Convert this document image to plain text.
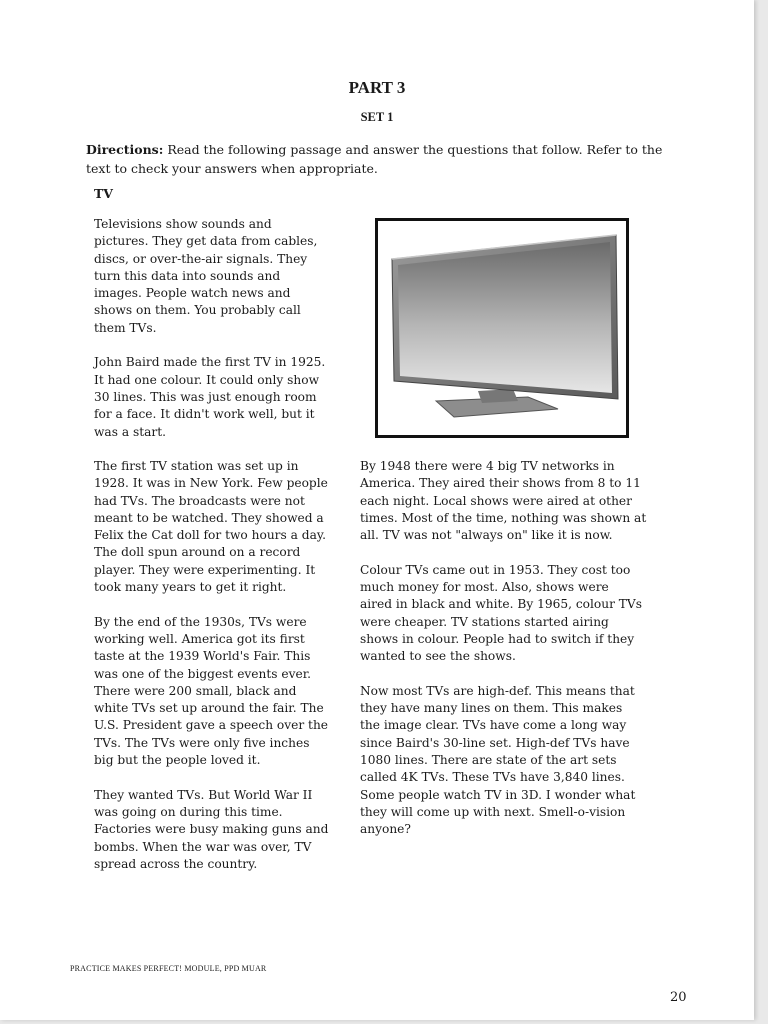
PART 3
SET 1
Directions: Read the following passage and answer the questions that follow. Refer to the text to check your answers when appropriate.
TV

Televisions show sounds and
pictures. They get data from cables,
discs, or over-the-air signals. They
turn this data into sounds and
images. People watch news and
shows on them. You probably call
them TVs.

John Baird made the first TV in 1925.
It had one colour. It could only show
30 lines. This was just enough room
for a face. It didn't work well, but it
was a start.

The first TV station was set up in
1928. It was in New York. Few people
had TVs. The broadcasts were not
meant to be watched. They showed a
Felix the Cat doll for two hours a day.
The doll spun around on a record
player. They were experimenting. It
took many years to get it right.

By the end of the 1930s, TVs were
working well. America got its first
taste at the 1939 World's Fair. This
was one of the biggest events ever.
There were 200 small, black and
white TVs set up around the fair. The
U.S. President gave a speech over the
TVs. The TVs were only five inches
big but the people loved it.

They wanted TVs. But World War II
was going on during this time.
Factories were busy making guns and
bombs. When the war was over, TV
spread across the country.

By 1948 there were 4 big TV networks in
America. They aired their shows from 8 to 11
each night. Local shows were aired at other
times. Most of the time, nothing was shown at
all. TV was not "always on" like it is now.

Colour TVs came out in 1953. They cost too
much money for most. Also, shows were
aired in black and white. By 1965, colour TVs
were cheaper. TV stations started airing
shows in colour. People had to switch if they
wanted to see the shows.

Now most TVs are high-def. This means that
they have many lines on them. This makes
the image clear. TVs have come a long way
since Baird's 30-line set. High-def TVs have
1080 lines. There are state of the art sets
called 4K TVs. These TVs have 3,840 lines.
Some people watch TV in 3D. I wonder what
they will come up with next. Smell-o-vision
anyone?

PRACTICE MAKES PERFECT! MODULE, PPD MUAR
20
